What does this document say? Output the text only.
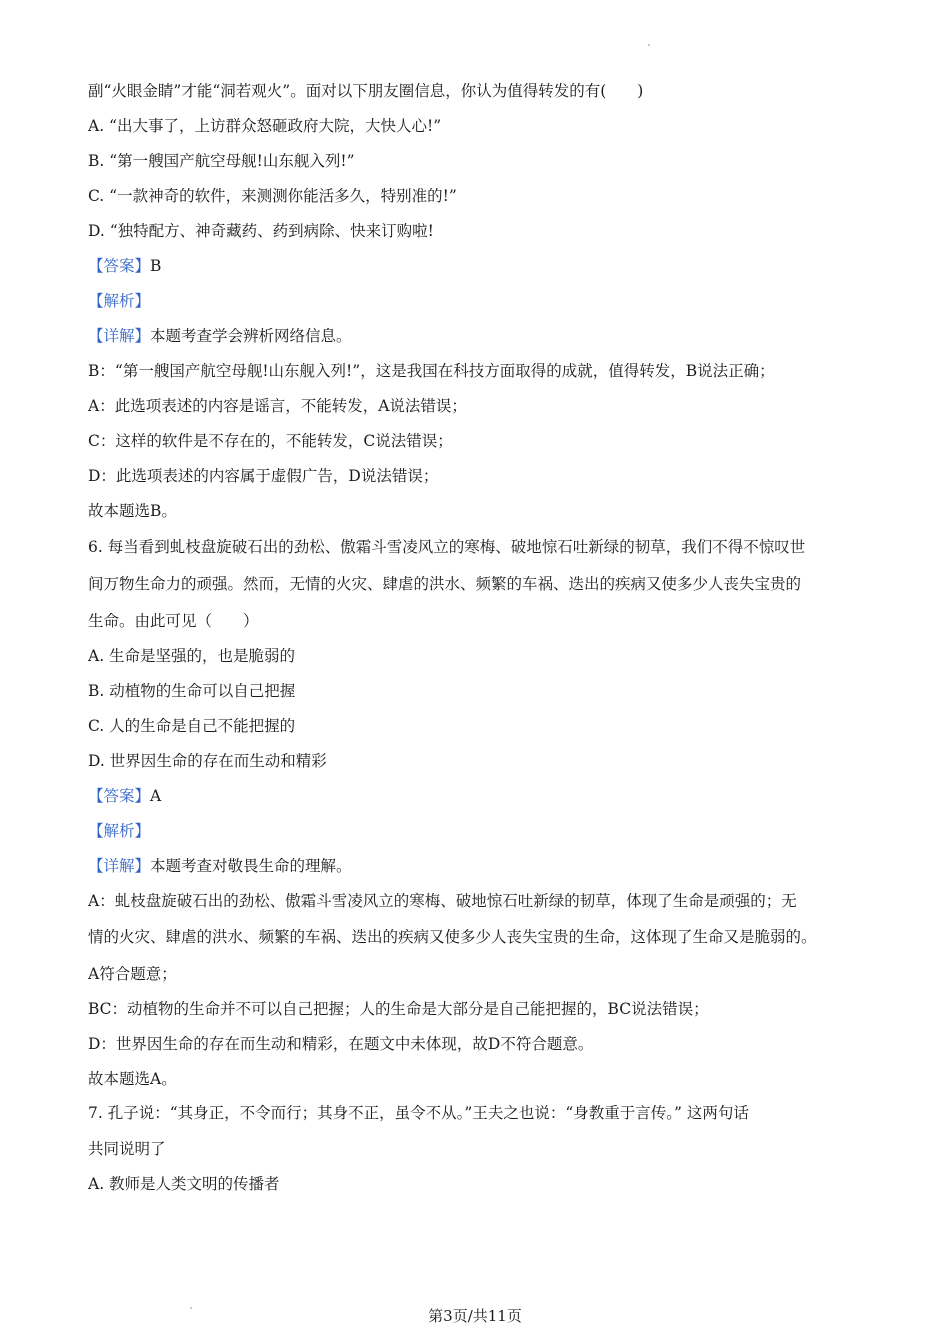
副“火眼金睛”才能“洞若观火”。面对以下朋友圈信息，你认为值得转发的有(　　)
A. “出大事了，上访群众怒砸政府大院，大快人心!”
B. “第一艘国产航空母舰!山东舰入列!”
C. “一款神奇的软件，来测测你能活多久，特别准的!”
D. “独特配方、神奇藏药、药到病除、快来订购啦!
【答案】B
【解析】
【详解】本题考查学会辨析网络信息。
B：“第一艘国产航空母舰!山东舰入列!”，这是我国在科技方面取得的成就，值得转发，B说法正确；
A：此选项表述的内容是谣言，不能转发，A说法错误；
C：这样的软件是不存在的，不能转发，C说法错误；
D：此选项表述的内容属于虚假广告，D说法错误；
故本题选B。
6. 每当看到虬枝盘旋破石出的劲松、傲霜斗雪凌风立的寒梅、破地惊石吐新绿的韧草，我们不得不惊叹世
间万物生命力的顽强。然而，无情的火灾、肆虐的洪水、频繁的车祸、迭出的疾病又使多少人丧失宝贵的
生命。由此可见（　　）
A. 生命是坚强的，也是脆弱的
B. 动植物的生命可以自己把握
C. 人的生命是自己不能把握的
D. 世界因生命的存在而生动和精彩
【答案】A
【解析】
【详解】本题考查对敬畏生命的理解。
A：虬枝盘旋破石出的劲松、傲霜斗雪凌风立的寒梅、破地惊石吐新绿的韧草，体现了生命是顽强的；无
情的火灾、肆虐的洪水、频繁的车祸、迭出的疾病又使多少人丧失宝贵的生命，这体现了生命又是脆弱的。
A符合题意；
BC：动植物的生命并不可以自己把握；人的生命是大部分是自己能把握的，BC说法错误；
D：世界因生命的存在而生动和精彩，在题文中未体现，故D不符合题意。
故本题选A。
7. 孔子说：“其身正，不令而行；其身不正，虽令不从。”王夫之也说：“身教重于言传。” 这两句话
共同说明了
A. 教师是人类文明的传播者
第3页/共11页
